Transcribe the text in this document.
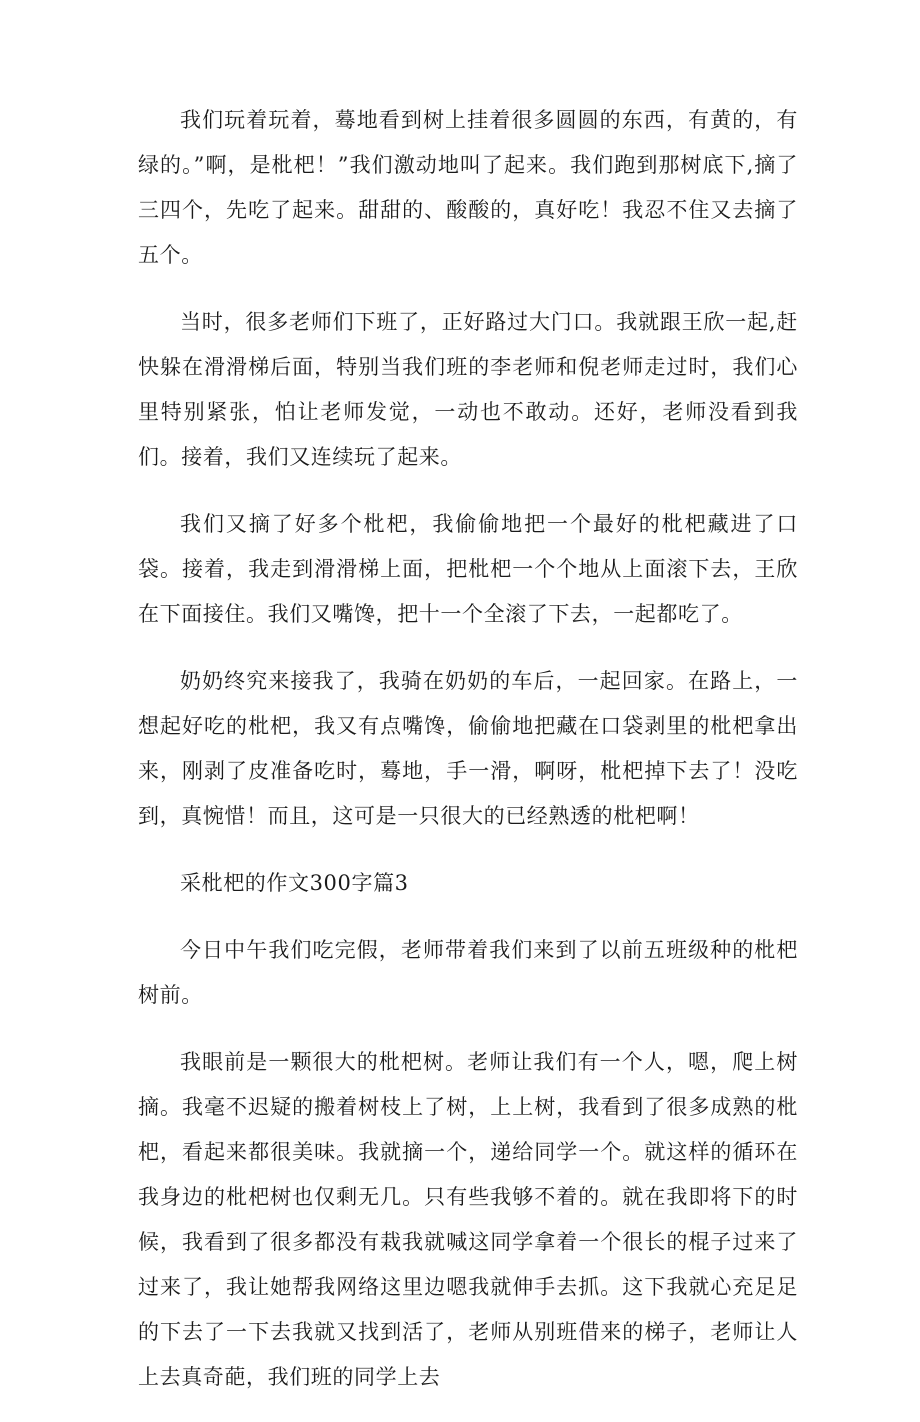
我们玩着玩着，蓦地看到树上挂着很多圆圆的东西，有黄的，有绿的。”啊，是枇杷！”我们激动地叫了起来。我们跑到那树底下,摘了三四个，先吃了起来。甜甜的、酸酸的，真好吃！我忍不住又去摘了五个。

当时，很多老师们下班了，正好路过大门口。我就跟王欣一起,赶快躲在滑滑梯后面，特别当我们班的李老师和倪老师走过时，我们心里特别紧张，怕让老师发觉，一动也不敢动。还好，老师没看到我们。接着，我们又连续玩了起来。

我们又摘了好多个枇杷，我偷偷地把一个最好的枇杷藏进了口袋。接着，我走到滑滑梯上面，把枇杷一个个地从上面滚下去，王欣在下面接住。我们又嘴馋，把十一个全滚了下去，一起都吃了。

奶奶终究来接我了，我骑在奶奶的车后，一起回家。在路上，一想起好吃的枇杷，我又有点嘴馋，偷偷地把藏在口袋剥里的枇杷拿出来，刚剥了皮准备吃时，蓦地，手一滑，啊呀，枇杷掉下去了！没吃到，真惋惜！而且，这可是一只很大的已经熟透的枇杷啊！

采枇杷的作文300字篇3

今日中午我们吃完假，老师带着我们来到了以前五班级种的枇杷树前。

我眼前是一颗很大的枇杷树。老师让我们有一个人，嗯，爬上树摘。我毫不迟疑的搬着树枝上了树，上上树，我看到了很多成熟的枇杷，看起来都很美味。我就摘一个，递给同学一个。就这样的循环在我身边的枇杷树也仅剩无几。只有些我够不着的。就在我即将下的时候，我看到了很多都没有栽我就喊这同学拿着一个很长的棍子过来了过来了，我让她帮我网络这里边嗯我就伸手去抓。这下我就心充足足的下去了一下去我就又找到活了，老师从别班借来的梯子，老师让人上去真奇葩，我们班的同学上去
